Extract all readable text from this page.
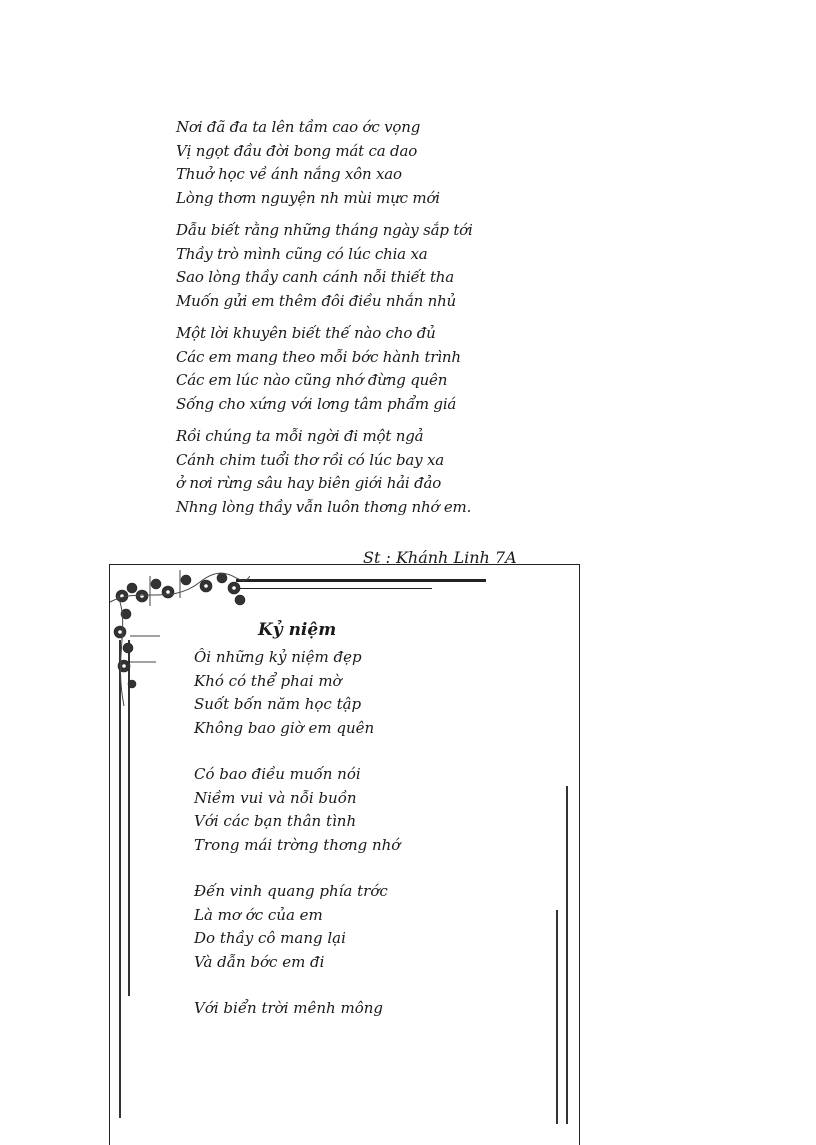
Nơi đã đa ta lên tầm cao ớc vọng
Vị ngọt đầu đời bong mát ca dao
Thuở học về ánh nắng xôn xao
Lòng thơm nguyện nh mùi mực mới
Dẫu biết rằng những tháng ngày sắp tới
Thầy trò mình cũng có lúc chia xa
Sao lòng thầy canh cánh nỗi thiết tha
Muốn gửi em thêm đôi điều nhắn nhủ
Một lời khuyên biết thế nào cho đủ
Các em mang theo mỗi bớc hành trình
Các em lúc nào cũng nhớ đừng quên
Sống cho xứng với lơng tâm phẩm giá
Rồi chúng ta mỗi ngời đi một ngả
Cánh chim tuổi thơ rồi có lúc bay xa
ở nơi rừng sâu hay biên giới hải đảo
Nhng lòng thầy vẫn luôn thơng nhớ em.
St : Khánh Linh 7A
Kỷ niệm
Ôi những kỷ niệm đẹp
Khó có thể phai mờ
Suốt bốn năm học tập
Không bao giờ em quên
Có bao điều muốn nói
Niềm vui và nỗi buồn
Với các bạn thân tình
Trong mái trờng thơng nhớ
Đến vinh quang phía trớc
Là mơ ớc của em
Do thầy cô mang lại
Và dẫn bớc em đi
Với biển trời mênh mông
